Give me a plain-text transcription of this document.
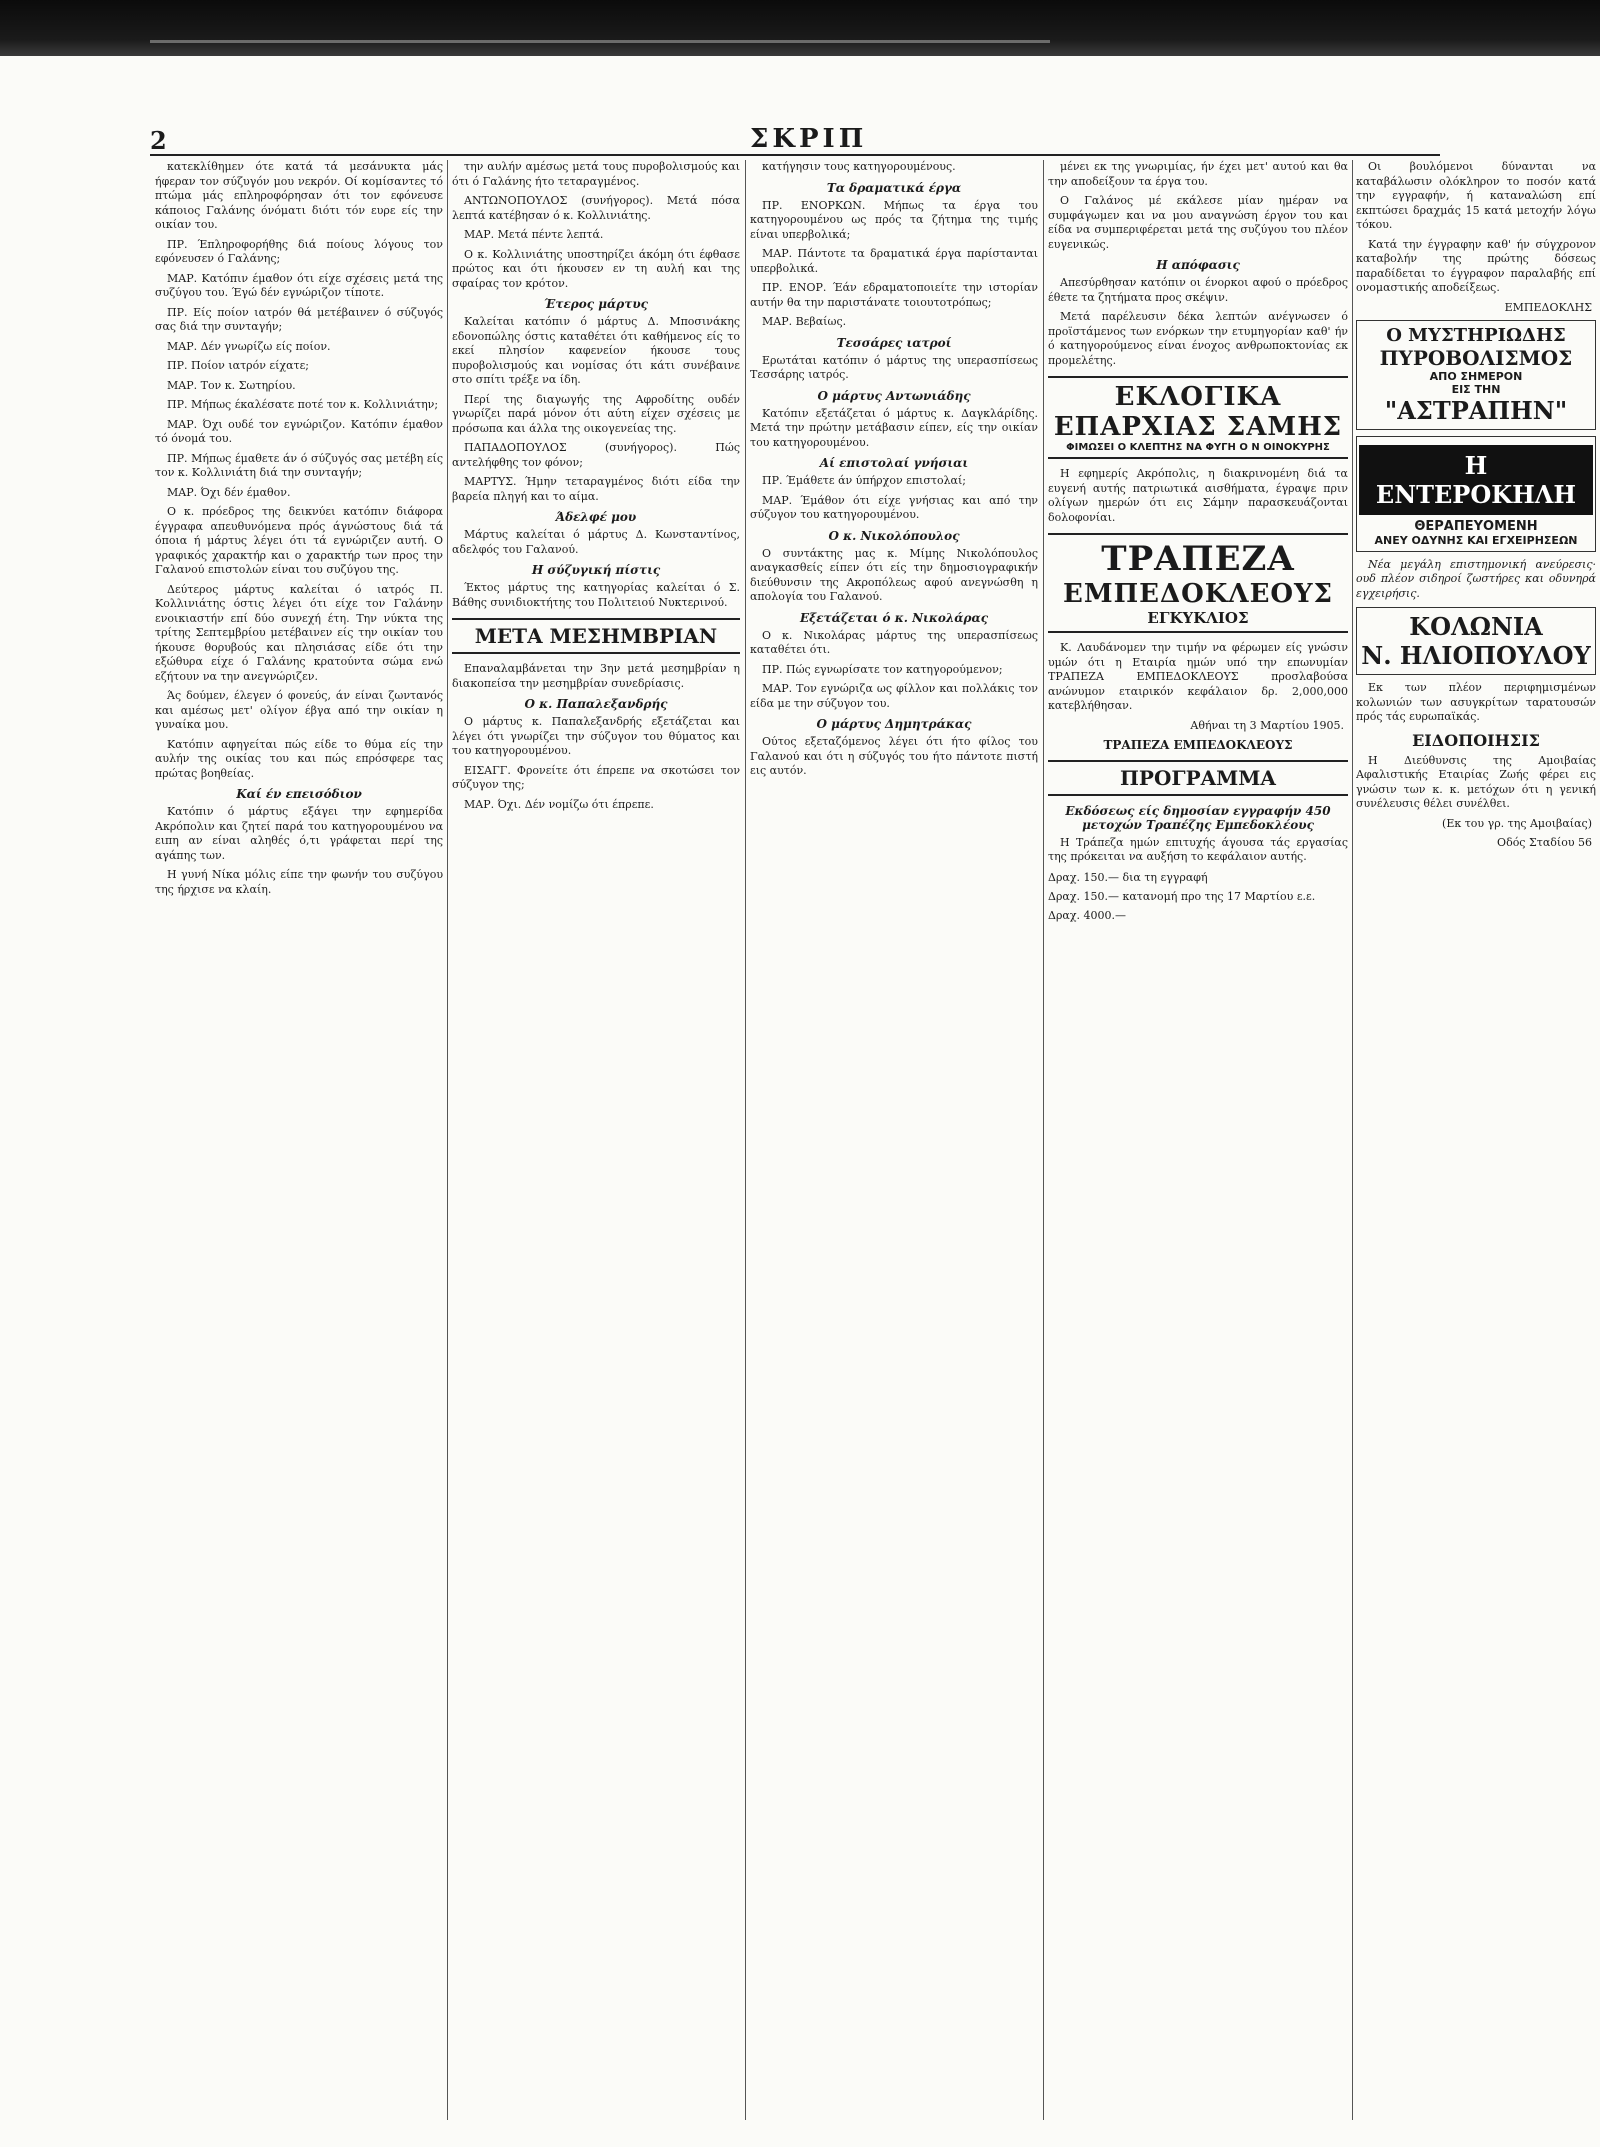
2	ΣΚΡΙΠ

κατεκλίθημεν ότε κατά τά μεσάνυκτα μάς ήφεραν τον σύζυγόν μου νεκρόν. Οί κομίσαντες τό πτώμα μάς επληροφόρησαν ότι τον εφόνευσε κάποιος Γαλάνης όνόματι διότι τόν ευρε είς την οικίαν του.

ΠΡ. Έπληροφορήθης διά ποίους λόγους τον εφόνευσεν ό Γαλάνης;

ΜΑΡ. Κατόπιν έμαθον ότι είχε σχέσεις μετά της συζύγου του. Έγώ δέν εγνώριζον τίποτε.

ΠΡ. Είς ποίον ιατρόν θά μετέβαινεν ό σύζυγός σας διά την συνταγήν;

ΜΑΡ. Δέν γνωρίζω είς ποίον.

ΠΡ. Ποίον ιατρόν είχατε;

ΜΑΡ. Τον κ. Σωτηρίου.

ΠΡ. Μήπως έκαλέσατε ποτέ τον κ. Κολλινιάτην;

ΜΑΡ. Όχι ουδέ τον εγνώριζον. Κατόπιν έμαθον τό όνομά του.

ΠΡ. Μήπως έμαθετε άν ό σύζυγός σας μετέβη είς τον κ. Κολλινιάτη διά την συνταγήν;

ΜΑΡ. Όχι δέν έμαθον.

Ο κ. πρόεδρος της δεικνύει κατόπιν διάφορα έγγραφα απευθυνόμενα πρός άγνώστους διά τά όποια ή μάρτυς λέγει ότι τά εγνώριζεν αυτή. Ο γραφικός χαρακτήρ και ο χαρακτήρ των προς την Γαλανού επιστολών είναι του συζύγου της.

Δεύτερος μάρτυς καλείται ό ιατρός Π. Κολλινιάτης όστις λέγει ότι είχε τον Γαλάνην ενοικιαστήν επί δύο συνεχή έτη. Την νύκτα της τρίτης Σεπτεμβρίου μετέβαινεν είς την οικίαν του ήκουσε θορυβούς και πλησιάσας είδε ότι την εξώθυρα είχε ό Γαλάνης κρατούντα σώμα ενώ εζήτουν να την ανεγνώριζεν.

Άς δούμεν, έλεγεν ό φονεύς, άν είναι ζωντανός και αμέσως μετ' ολίγον έβγα από την οικίαν η γυναίκα μου.

Κατόπιν αφηγείται πώς είδε το θύμα είς την αυλήν της οικίας του και πώς επρόσφερε τας πρώτας βοηθείας.

Καί έν επεισόδιον

Κατόπιν ό μάρτυς εξάγει την εφημερίδα Ακρόπολιν και ζητεί παρά του κατηγορουμένου να ειπη αν είναι αληθές ό,τι γράφεται περί της αγάπης των.

Η γυνή Νίκα μόλις είπε την φωνήν του συζύγου της ήρχισε να κλαίη.

την αυλήν αμέσως μετά τους πυροβολισμούς και ότι ό Γαλάνης ήτο τεταραγμένος.

ΑΝΤΩΝΟΠΟΥΛΟΣ (συνήγορος). Μετά πόσα λεπτά κατέβησαν ό κ. Κολλινιάτης.

ΜΑΡ. Μετά πέντε λεπτά.

Ο κ. Κολλινιάτης υποστηρίζει άκόμη ότι έφθασε πρώτος και ότι ήκουσεν εν τη αυλή και της σφαίρας τον κρότον.

Έτερος μάρτυς

Καλείται κατόπιν ό μάρτυς Δ. Μποσινάκης εδονοπώλης όστις καταθέτει ότι καθήμενος είς το εκεί πλησίον καφενείον ήκουσε τους πυροβολισμούς και νομίσας ότι κάτι συνέβαινε στο σπίτι τρέξε να ίδη.

Περί της διαγωγής της Αφροδίτης ουδέν γνωρίζει παρά μόνον ότι αύτη είχεν σχέσεις με πρόσωπα και άλλα της οικογενείας της.

ΠΑΠΑΔΟΠΟΥΛΟΣ (συνήγορος). Πώς αντελήφθης τον φόνον;

ΜΑΡΤΥΣ. Ήμην τεταραγμένος διότι είδα την βαρεία πληγή και το αίμα.

Άδελφέ μου

Μάρτυς καλείται ό μάρτυς Δ. Κωνσταντίνος, αδελφός του Γαλανού.

Η σύζυγική πίστις

Έκτος μάρτυς της κατηγορίας καλείται ό Σ. Βάθης συνιδιοκτήτης του Πολιτειού Νυκτερινού.

ΜΕΤΑ ΜΕΣΗΜΒΡΙΑΝ

Επαναλαμβάνεται την 3ην μετά μεσημβρίαν η διακοπείσα την μεσημβρίαν συνεδρίασις.

Ο κ. Παπαλεξανδρής

Ο μάρτυς κ. Παπαλεξανδρής εξετάζεται και λέγει ότι γνωρίζει την σύζυγον του θύματος και του κατηγορουμένου.

ΕΙΣΑΓΓ. Φρονείτε ότι έπρεπε να σκοτώσει τον σύζυγον της;

ΜΑΡ. Όχι. Δέν νομίζω ότι έπρεπε.

κατήγησιν τους κατηγορουμένους.

Τα δραματικά έργα

ΠΡ. ΕΝΟΡΚΩΝ. Μήπως τα έργα του κατηγορουμένου ως πρός τα ζήτημα της τιμής είναι υπερβολικά;

ΜΑΡ. Πάντοτε τα δραματικά έργα παρίστανται υπερβολικά.

ΠΡ. ΕΝΟΡ. Έάν εδραματοποιείτε την ιστορίαν αυτήν θα την παριστάνατε τοιουτοτρόπως;

ΜΑΡ. Βεβαίως.

Τεσσάρες ιατροί

Ερωτάται κατόπιν ό μάρτυς της υπερασπίσεως Τεσσάρης ιατρός.

Ο μάρτυς Αντωνιάδης

Κατόπιν εξετάζεται ό μάρτυς κ. Δαγκλάρίδης. Μετά την πρώτην μετάβασιν είπεν, είς την οικίαν του κατηγορουμένου.

Αί επιστολαί γνήσιαι

ΠΡ. Έμάθετε άν ύπήρχον επιστολαί;

ΜΑΡ. Έμάθον ότι είχε γνήσιας και από την σύζυγον του κατηγορουμένου.

Ο κ. Νικολόπουλος

Ο συντάκτης μας κ. Μίμης Νικολόπουλος αναγκασθείς είπεν ότι είς την δημοσιογραφικήν διεύθυνσιν της Ακροπόλεως αφού ανεγνώσθη η απολογία του Γαλανού.

Εξετάζεται ό κ. Νικολάρας

Ο κ. Νικολάρας μάρτυς της υπερασπίσεως καταθέτει ότι.

ΠΡ. Πώς εγνωρίσατε τον κατηγορούμενον;

ΜΑΡ. Τον εγνώριζα ως φίλλον και πολλάκις τον είδα με την σύζυγον του.

Ο μάρτυς Δημητράκας

Ούτος εξεταζόμενος λέγει ότι ήτο φίλος του Γαλανού και ότι η σύζυγός του ήτο πάντοτε πιστή εις αυτόν.

μένει εκ της γνωριμίας, ήν έχει μετ' αυτού και θα την αποδείξουν τα έργα του.

Ο Γαλάνος μέ εκάλεσε μίαν ημέραν να συμφάγωμεν και να μου αναγνώση έργον του και είδα να συμπεριφέρεται μετά της συζύγου του πλέον ευγενικώς.

Η απόφασις

Απεσύρθησαν κατόπιν οι ένορκοι αφού ο πρόεδρος έθετε τα ζητήματα προς σκέψιν.

Μετά παρέλευσιν δέκα λεπτών ανέγνωσεν ό προϊστάμενος των ενόρκων την ετυμηγορίαν καθ' ήν ό κατηγορούμενος είναι ένοχος ανθρωποκτονίας εκ προμελέτης.

ΕΚΛΟΓΙΚΑ
ΕΠΑΡΧΙΑΣ ΣΑΜΗΣ
ΦΙΜΩΣΕΙ Ο ΚΛΕΠΤΗΣ ΝΑ ΦΥΓΗ Ο Ν ΟΙΝΟΚΥΡΗΣ

Η εφημερίς Ακρόπολις, η διακρινομένη διά τα ευγενή αυτής πατριωτικά αισθήματα, έγραψε πριν ολίγων ημερών ότι εις Σάμην παρασκευάζονται δολοφονίαι.

ΤΡΑΠΕΖΑ
ΕΜΠΕΔΟΚΛΕΟΥΣ
ΕΓΚΥΚΛΙΟΣ

Κ. Λαυδάνομεν την τιμήν να φέρωμεν είς γνώσιν υμών ότι η Εταιρία ημών υπό την επωνυμίαν ΤΡΑΠΕΖΑ ΕΜΠΕΔΟΚΛΕΟΥΣ προσλαβούσα ανώνυμον εταιρικόν κεφάλαιον δρ. 2,000,000 κατεβλήθησαν.

Αθήναι τη 3 Μαρτίου 1905.
ΤΡΑΠΕΖΑ ΕΜΠΕΔΟΚΛΕΟΥΣ
ΠΡΟΓΡΑΜΜΑ
Εκδόσεως είς δημοσίαν εγγραφήν 450 μετοχών Τραπέζης Εμπεδοκλέους

Η Τράπεζα ημών επιτυχής άγουσα τάς εργασίας της πρόκειται να αυξήση το κεφάλαιον αυτής.

Δραχ. 150.— δια τη εγγραφή
Δραχ. 150.— κατανομή προ της 17 Μαρτίου ε.ε.
Δραχ. 4000.—

Οι βουλόμενοι δύνανται να καταβάλωσιν ολόκληρον το ποσόν κατά την εγγραφήν, ή καταναλώση επί εκπτώσει δραχμάς 15 κατά μετοχήν λόγω τόκου.

Κατά την έγγραφην καθ' ήν σύγχρονον καταβολήν της πρώτης δόσεως παραδίδεται το έγγραφον παραλαβής επί ονομαστικής αποδείξεως.

ΕΜΠΕΔΟΚΛΗΣ
Ο ΜΥΣΤΗΡΙΩΔΗΣ
ΠΥΡΟΒΟΛΙΣΜΟΣ
ΑΠΟ ΣΗΜΕΡΟΝ
ΕΙΣ ΤΗΝ
"ΑΣΤΡΑΠΗΝ"
Η ΕΝΤΕΡΟΚΗΛΗ
ΘΕΡΑΠΕΥΟΜΕΝΗ
ΑΝΕΥ ΟΔΥΝΗΣ ΚΑΙ ΕΓΧΕΙΡΗΣΕΩΝ

Νέα μεγάλη επιστημονική ανεύρεσις· ουδ πλέον σιδηροί ζωστήρες και οδυνηρά εγχειρήσις.

ΚΟΛΩΝΙΑ
Ν. ΗΛΙΟΠΟΥΛΟΥ

Εκ των πλέον περιφημισμένων κολωνιών των ασυγκρίτων ταρατουσών πρός τάς ευρωπαϊκάς.

ΕΙΔΟΠΟΙΗΣΙΣ

Η Διεύθυνσις της Αμοιβαίας Αφαλιστικής Εταιρίας Ζωής φέρει εις γνώσιν των κ. κ. μετόχων ότι η γενική συνέλευσις θέλει συνέλθει.

(Εκ του γρ. της Αμοιβαίας)
Οδός Σταδίου 56
